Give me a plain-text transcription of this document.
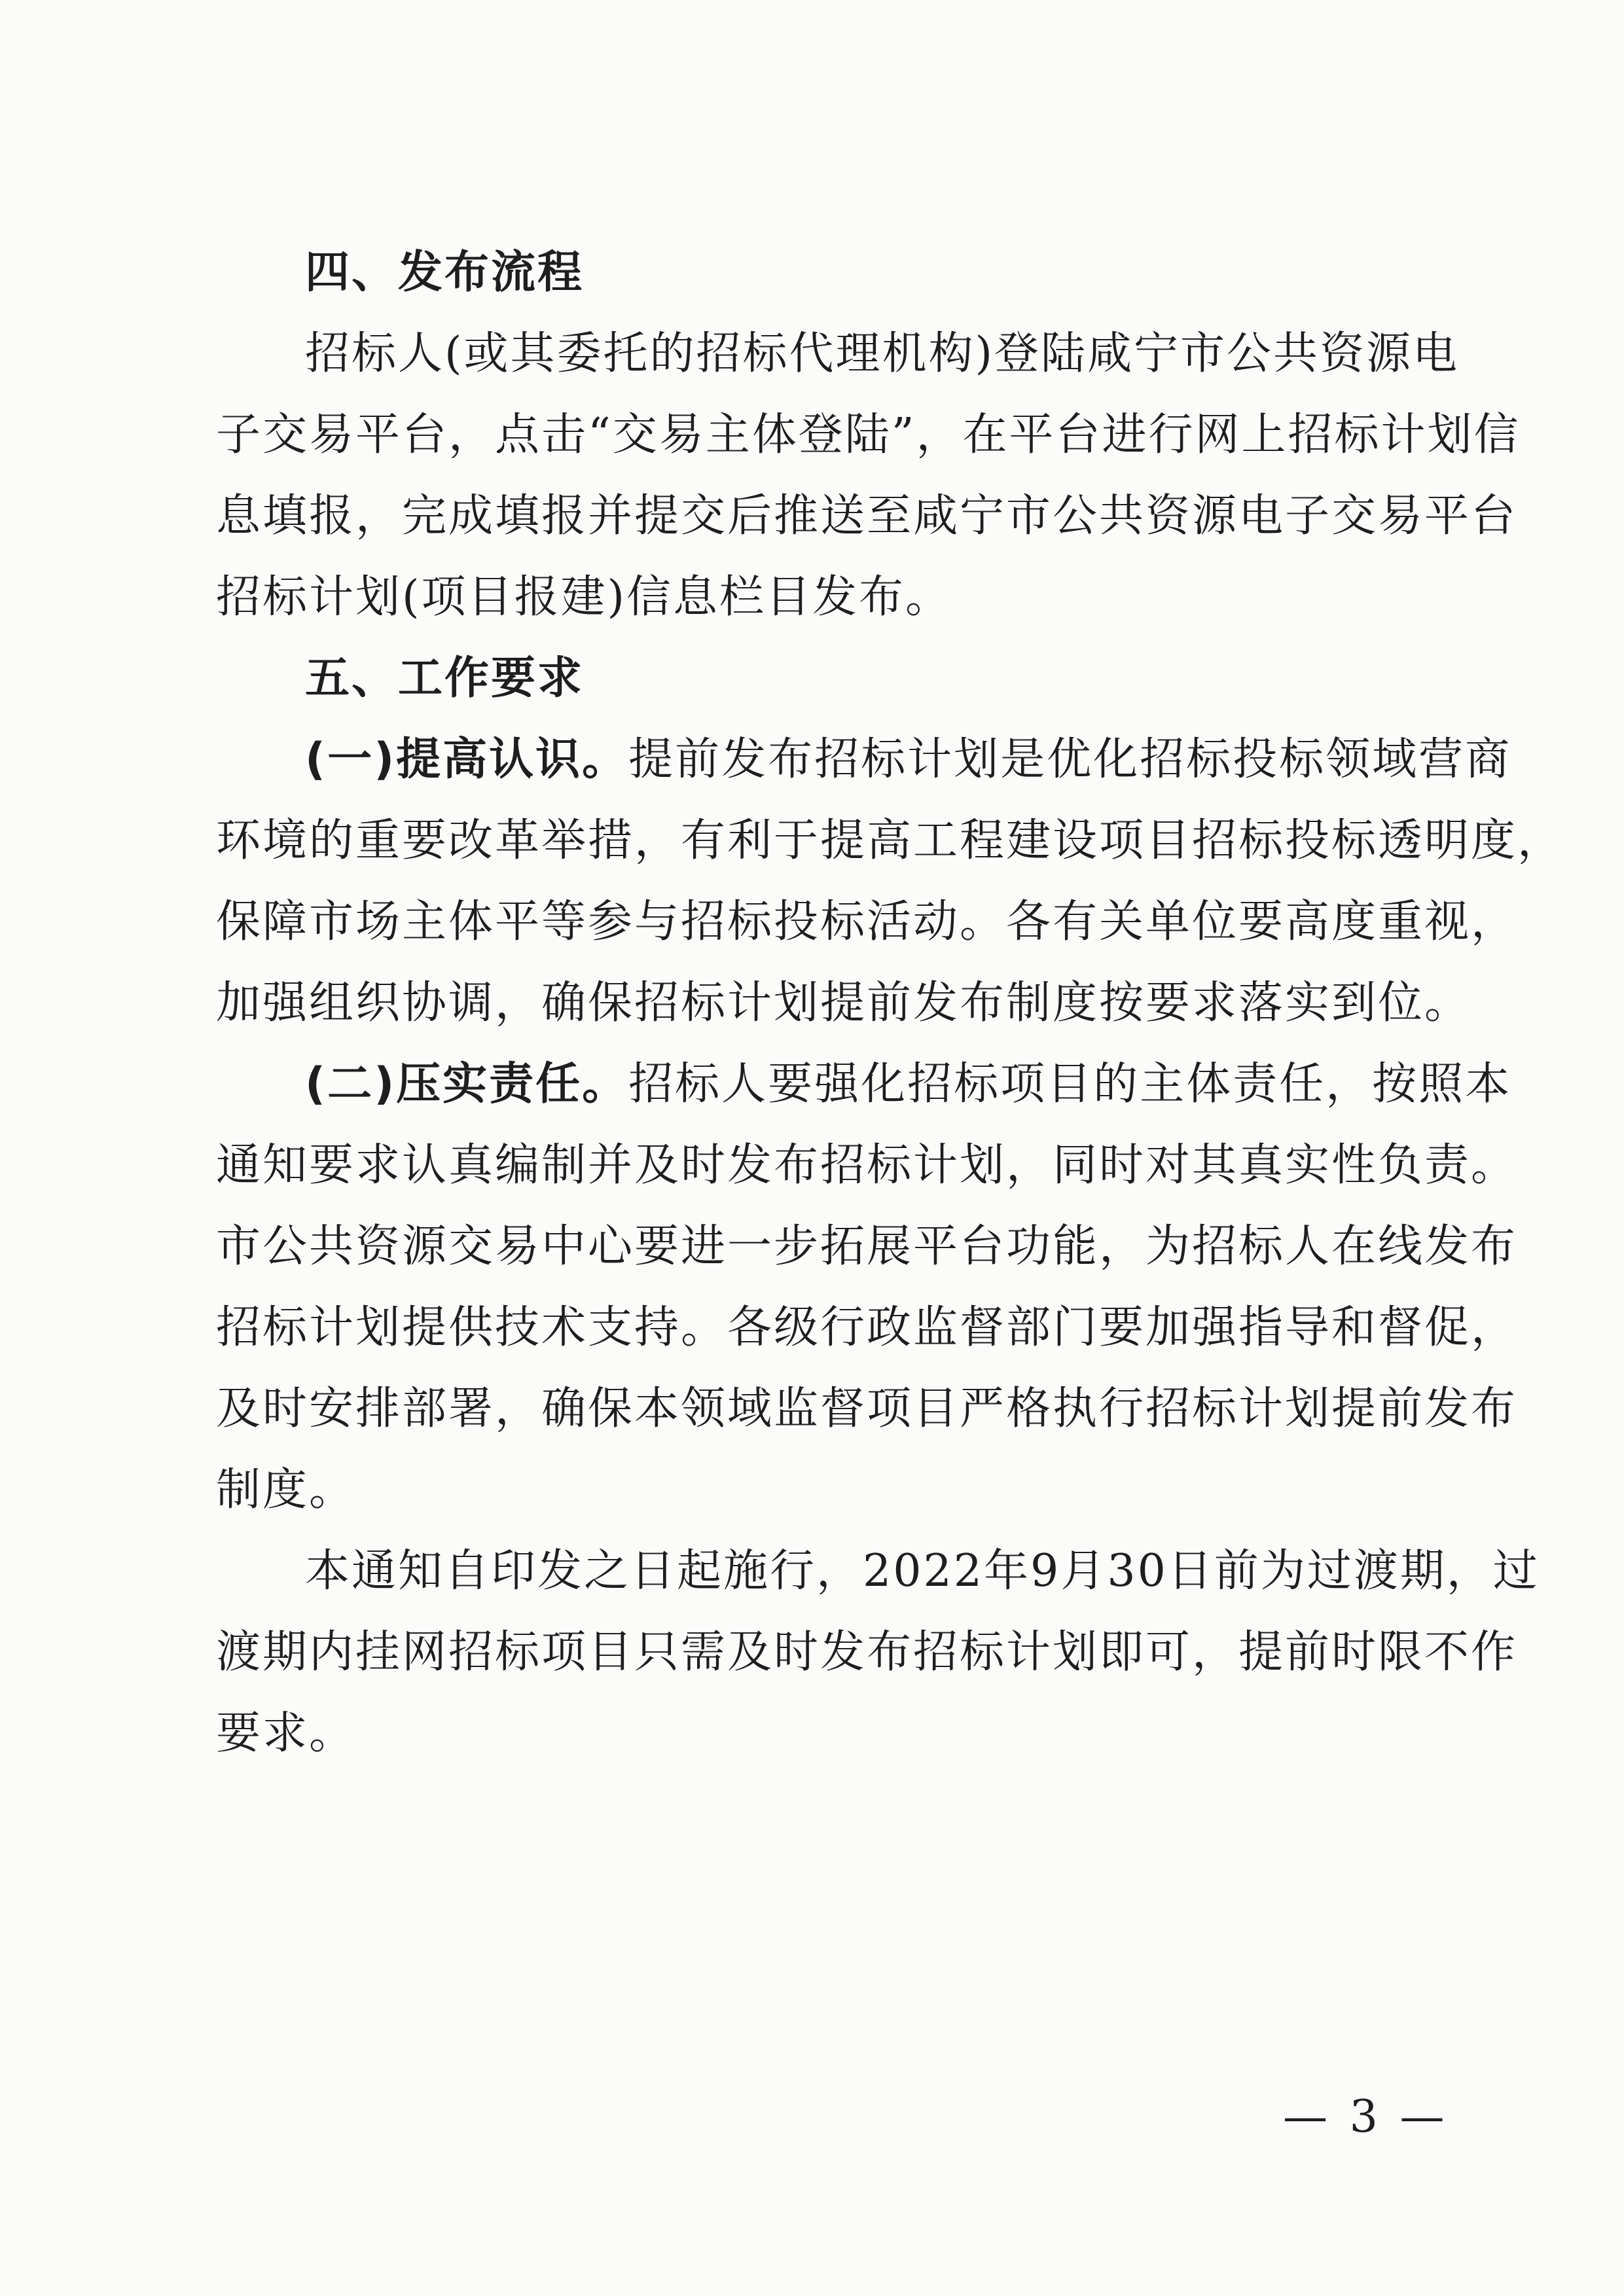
四、发布流程
招标人(或其委托的招标代理机构)登陆咸宁市公共资源电
子交易平台，点击“交易主体登陆”，在平台进行网上招标计划信
息填报，完成填报并提交后推送至咸宁市公共资源电子交易平台
招标计划(项目报建)信息栏目发布。
五、工作要求
(一)提高认识。提前发布招标计划是优化招标投标领域营商
环境的重要改革举措，有利于提高工程建设项目招标投标透明度，
保障市场主体平等参与招标投标活动。各有关单位要高度重视，
加强组织协调，确保招标计划提前发布制度按要求落实到位。
(二)压实责任。招标人要强化招标项目的主体责任，按照本
通知要求认真编制并及时发布招标计划，同时对其真实性负责。
市公共资源交易中心要进一步拓展平台功能，为招标人在线发布
招标计划提供技术支持。各级行政监督部门要加强指导和督促，
及时安排部署，确保本领域监督项目严格执行招标计划提前发布
制度。
本通知自印发之日起施行，2022年9月30日前为过渡期，过
渡期内挂网招标项目只需及时发布招标计划即可，提前时限不作
要求。
— 3 —
